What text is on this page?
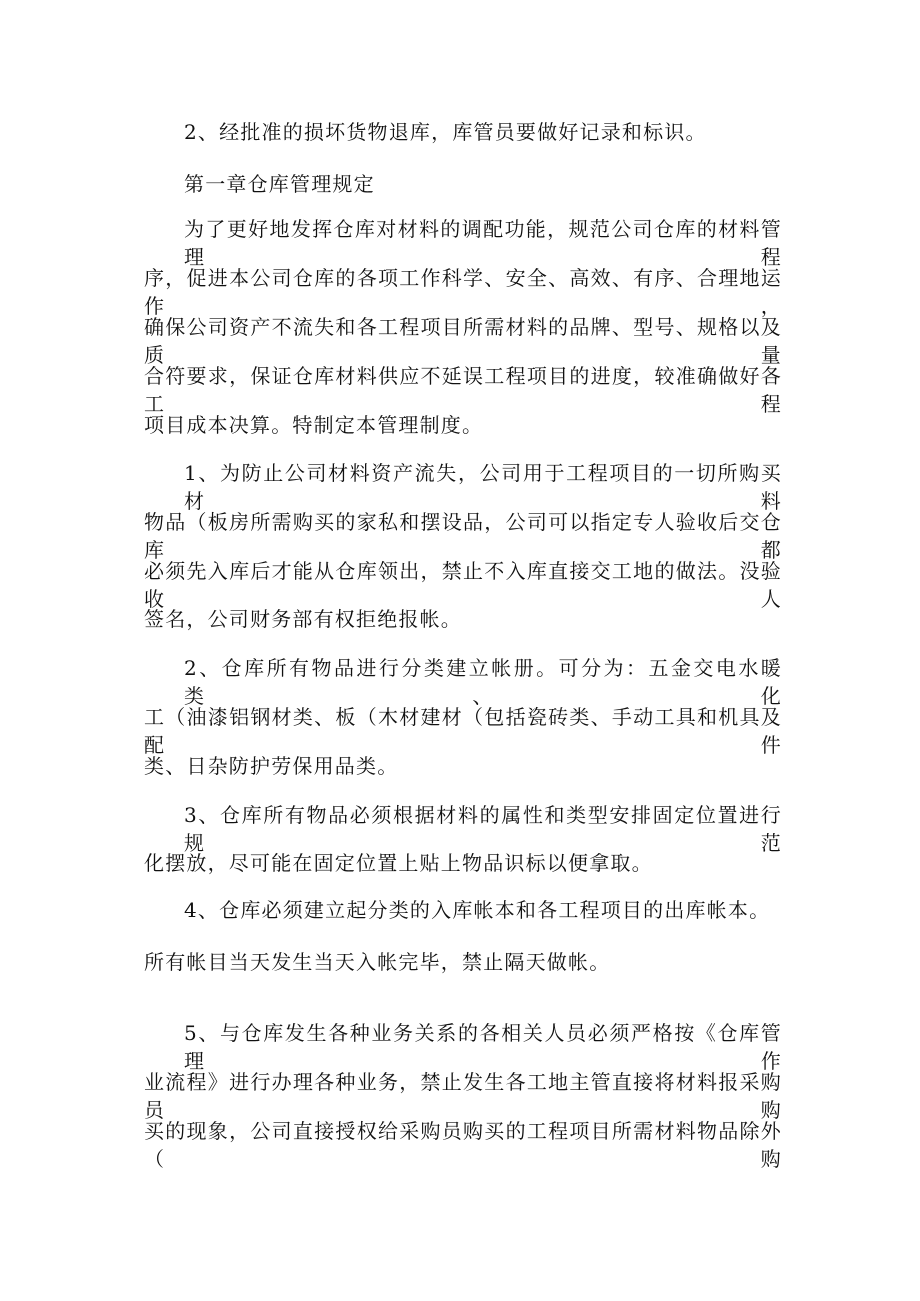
2、经批准的损坏货物退库，库管员要做好记录和标识。
第一章仓库管理规定
为了更好地发挥仓库对材料的调配功能，规范公司仓库的材料管理程
序，促进本公司仓库的各项工作科学、安全、高效、有序、合理地运作，
确保公司资产不流失和各工程项目所需材料的品牌、型号、规格以及质量
合符要求，保证仓库材料供应不延误工程项目的进度，较准确做好各工程
项目成本决算。特制定本管理制度。
1、为防止公司材料资产流失，公司用于工程项目的一切所购买材料
物品（板房所需购买的家私和摆设品，公司可以指定专人验收后交仓库都
必须先入库后才能从仓库领出，禁止不入库直接交工地的做法。没验收人
签名，公司财务部有权拒绝报帐。
2、仓库所有物品进行分类建立帐册。可分为：五金交电水暖类、化
工（油漆铝钢材类、板（木材建材（包括瓷砖类、手动工具和机具及配件
类、日杂防护劳保用品类。
3、仓库所有物品必须根据材料的属性和类型安排固定位置进行规范
化摆放，尽可能在固定位置上贴上物品识标以便拿取。
4、仓库必须建立起分类的入库帐本和各工程项目的出库帐本。
所有帐目当天发生当天入帐完毕，禁止隔天做帐。
5、与仓库发生各种业务关系的各相关人员必须严格按《仓库管理作
业流程》进行办理各种业务，禁止发生各工地主管直接将材料报采购员购
买的现象，公司直接授权给采购员购买的工程项目所需材料物品除外（购
